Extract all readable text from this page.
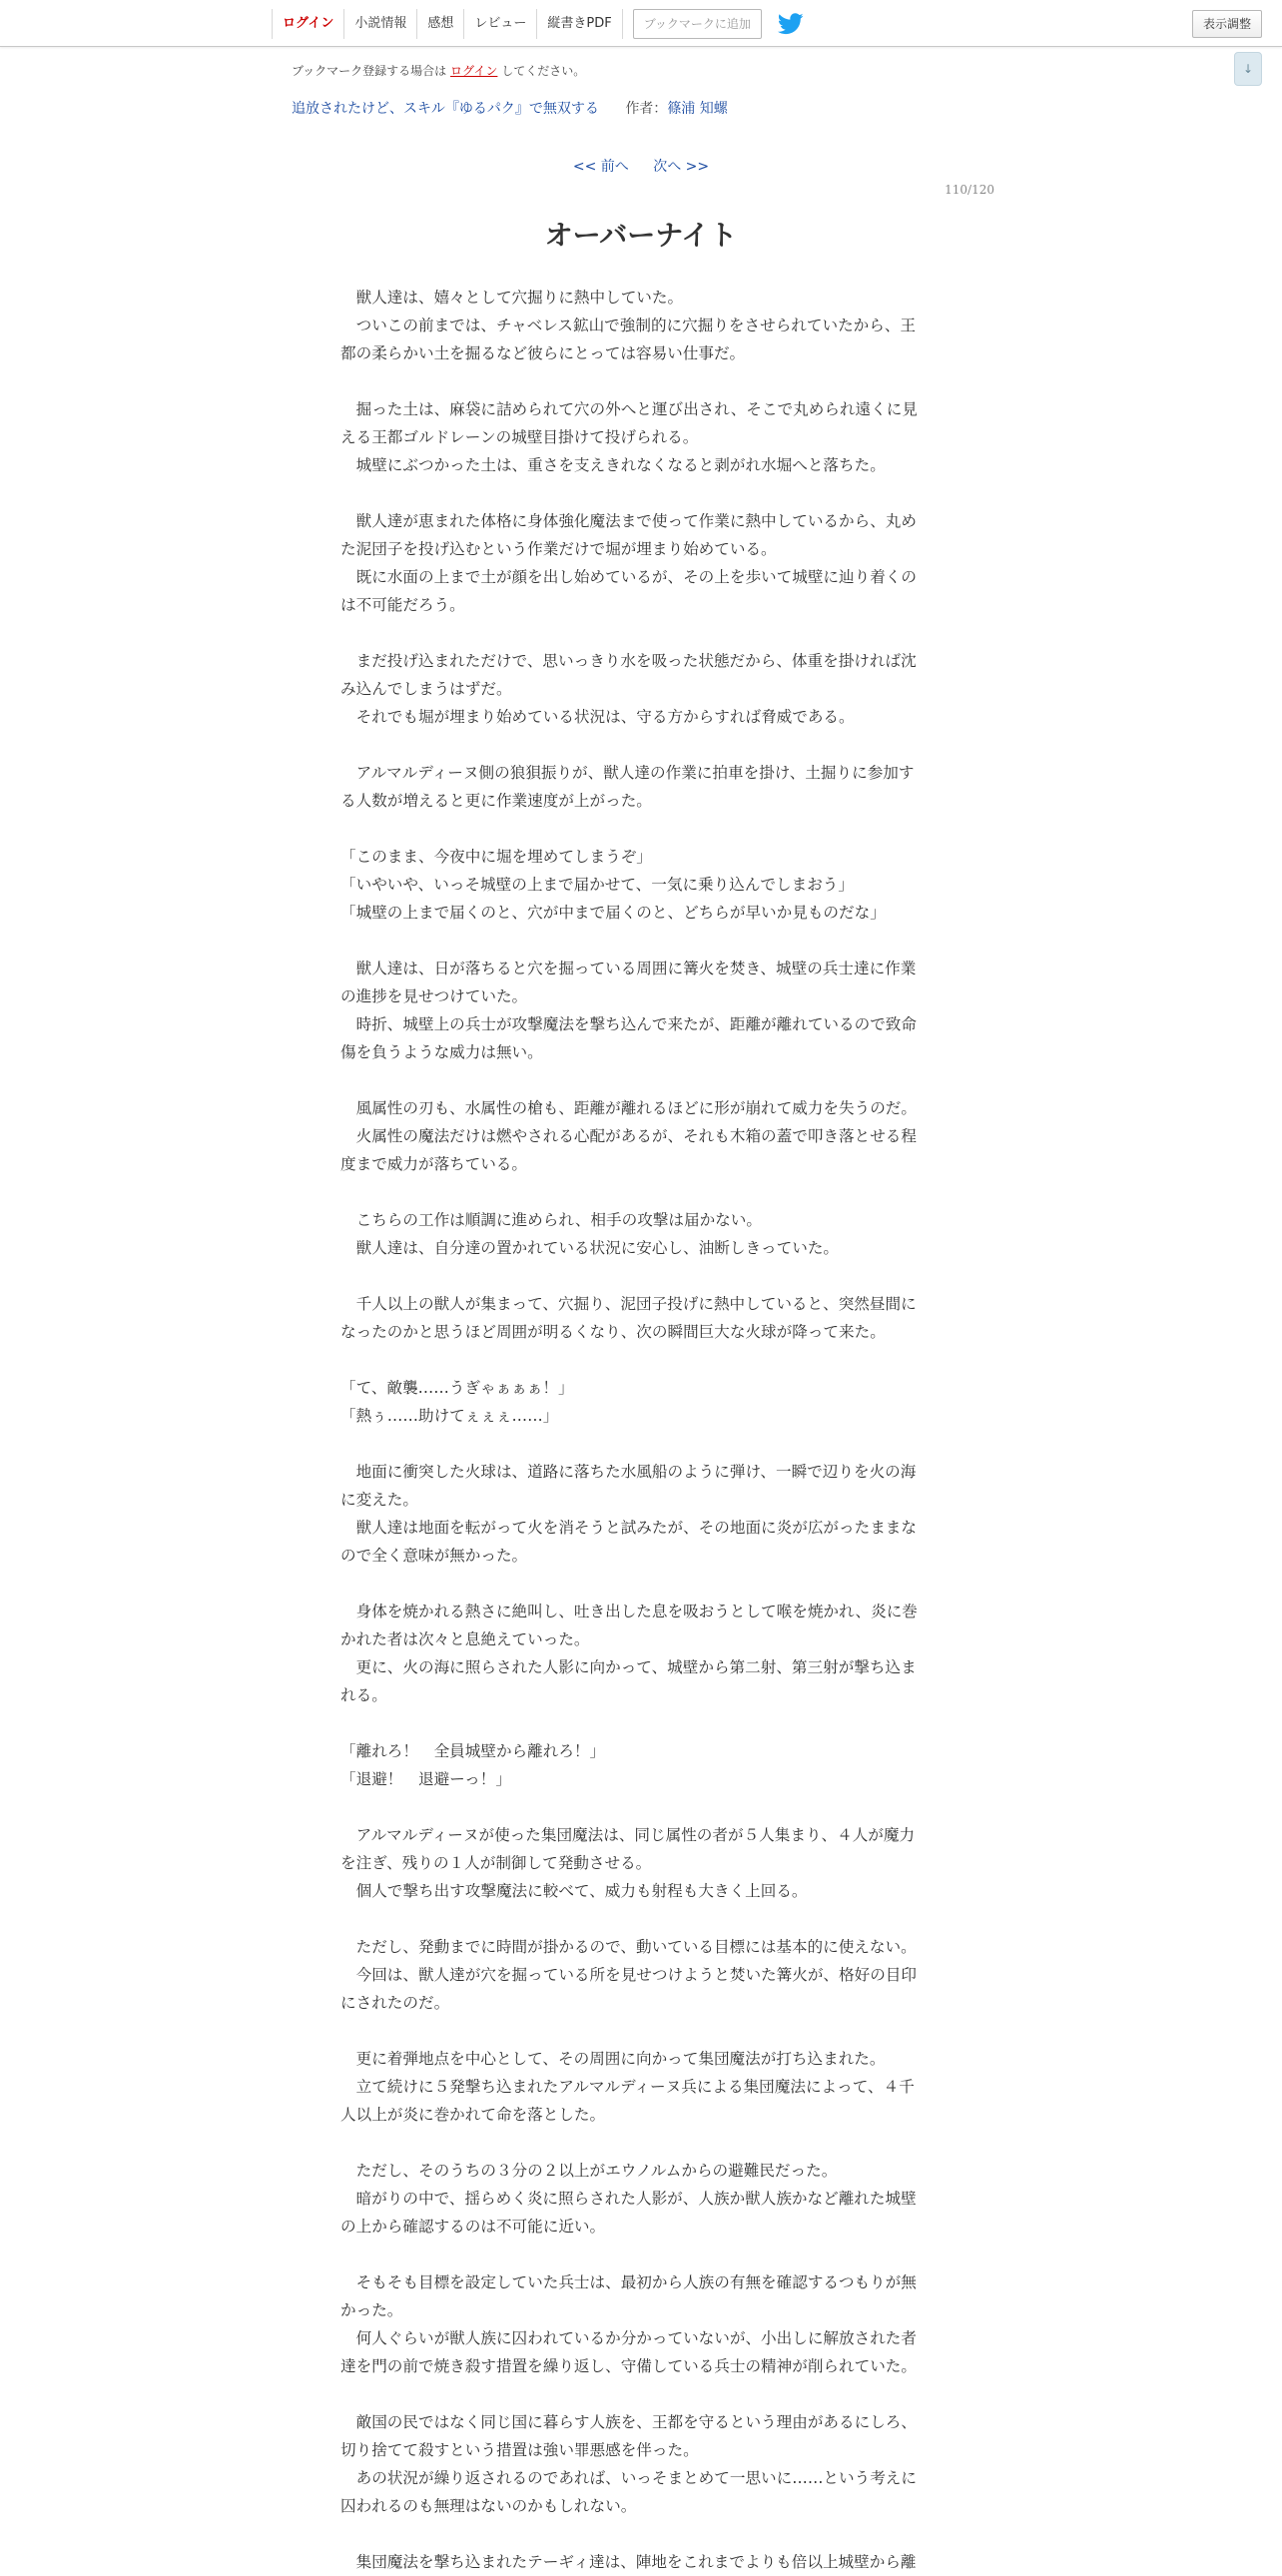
ログイン	小説情報	感想	レビュー	縦書きPDF	ブックマークに追加	表示調整
↓
ブックマーク登録する場合は ログイン してください。
追放されたけど、スキル『ゆるパク』で無双する 作者：篠浦 知螺
<< 前へ 次へ >>
110/120
オーバーナイト
　獣人達は、嬉々として穴掘りに熱中していた。
　ついこの前までは、チャベレス鉱山で強制的に穴掘りをさせられていたから、王
都の柔らかい土を掘るなど彼らにとっては容易い仕事だ。
　掘った土は、麻袋に詰められて穴の外へと運び出され、そこで丸められ遠くに見
える王都ゴルドレーンの城壁目掛けて投げられる。
　城壁にぶつかった土は、重さを支えきれなくなると剥がれ水堀へと落ちた。
　獣人達が恵まれた体格に身体強化魔法まで使って作業に熱中しているから、丸め
た泥団子を投げ込むという作業だけで堀が埋まり始めている。
　既に水面の上まで土が顔を出し始めているが、その上を歩いて城壁に辿り着くの
は不可能だろう。
　まだ投げ込まれただけで、思いっきり水を吸った状態だから、体重を掛ければ沈
み込んでしまうはずだ。
　それでも堀が埋まり始めている状況は、守る方からすれば脅威である。
　アルマルディーヌ側の狼狽振りが、獣人達の作業に拍車を掛け、土掘りに参加す
る人数が増えると更に作業速度が上がった。
「このまま、今夜中に堀を埋めてしまうぞ」
「いやいや、いっそ城壁の上まで届かせて、一気に乗り込んでしまおう」
「城壁の上まで届くのと、穴が中まで届くのと、どちらが早いか見ものだな」
　獣人達は、日が落ちると穴を掘っている周囲に篝火を焚き、城壁の兵士達に作業
の進捗を見せつけていた。
　時折、城壁上の兵士が攻撃魔法を撃ち込んで来たが、距離が離れているので致命
傷を負うような威力は無い。
　風属性の刃も、水属性の槍も、距離が離れるほどに形が崩れて威力を失うのだ。
　火属性の魔法だけは燃やされる心配があるが、それも木箱の蓋で叩き落とせる程
度まで威力が落ちている。
　こちらの工作は順調に進められ、相手の攻撃は届かない。
　獣人達は、自分達の置かれている状況に安心し、油断しきっていた。
　千人以上の獣人が集まって、穴掘り、泥団子投げに熱中していると、突然昼間に
なったのかと思うほど周囲が明るくなり、次の瞬間巨大な火球が降って来た。
「て、敵襲……うぎゃぁぁぁ！」
「熱ぅ……助けてぇぇぇ……」
　地面に衝突した火球は、道路に落ちた水風船のように弾け、一瞬で辺りを火の海
に変えた。
　獣人達は地面を転がって火を消そうと試みたが、その地面に炎が広がったままな
ので全く意味が無かった。
　身体を焼かれる熱さに絶叫し、吐き出した息を吸おうとして喉を焼かれ、炎に巻
かれた者は次々と息絶えていった。
　更に、火の海に照らされた人影に向かって、城壁から第二射、第三射が撃ち込ま
れる。
「離れろ！　全員城壁から離れろ！」
「退避！　退避ーっ！」
　アルマルディーヌが使った集団魔法は、同じ属性の者が５人集まり、４人が魔力
を注ぎ、残りの１人が制御して発動させる。
　個人で撃ち出す攻撃魔法に較べて、威力も射程も大きく上回る。
　ただし、発動までに時間が掛かるので、動いている目標には基本的に使えない。
　今回は、獣人達が穴を掘っている所を見せつけようと焚いた篝火が、格好の目印
にされたのだ。
　更に着弾地点を中心として、その周囲に向かって集団魔法が打ち込まれた。
　立て続けに５発撃ち込まれたアルマルディーヌ兵による集団魔法によって、４千
人以上が炎に巻かれて命を落とした。
　ただし、そのうちの３分の２以上がエウノルムからの避難民だった。
　暗がりの中で、揺らめく炎に照らされた人影が、人族か獣人族かなど離れた城壁
の上から確認するのは不可能に近い。
　そもそも目標を設定していた兵士は、最初から人族の有無を確認するつもりが無
かった。
　何人ぐらいが獣人族に囚われているか分かっていないが、小出しに解放された者
達を門の前で焼き殺す措置を繰り返し、守備している兵士の精神が削られていた。
　敵国の民ではなく同じ国に暮らす人族を、王都を守るという理由があるにしろ、
切り捨てて殺すという措置は強い罪悪感を伴った。
　あの状況が繰り返されるのであれば、いっそまとめて一思いに……という考えに
囚われるのも無理はないのかもしれない。
　集団魔法を撃ち込まれたテーギィ達は、陣地をこれまでよりも倍以上城壁から離
